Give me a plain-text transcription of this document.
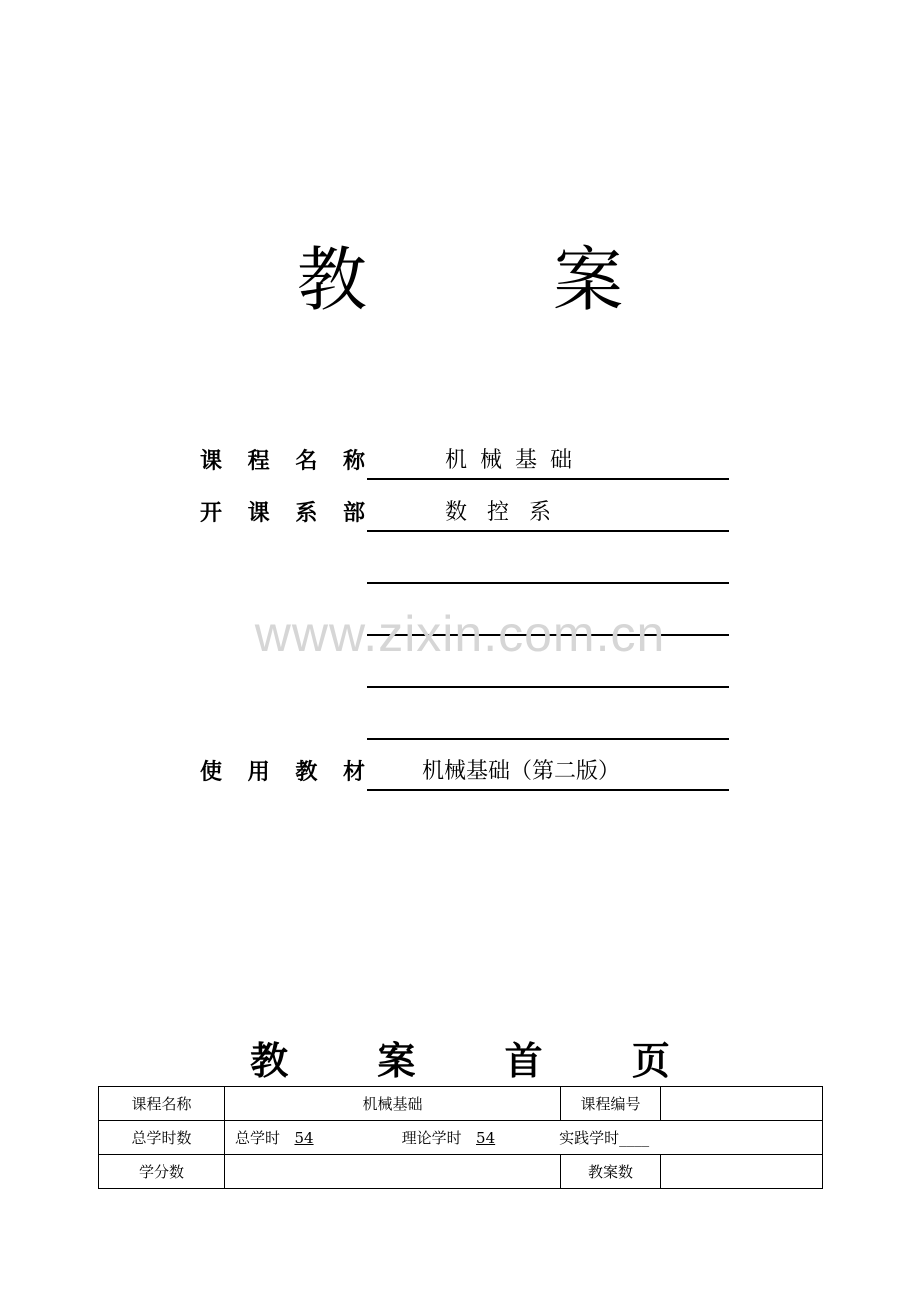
教 案
课 程 名 称	机 械 基 础
开 课 系 部	数  控  系
www.zixin.com.cn
使 用 教 材	机械基础（第二版）
教 案 首 页
课程名称	机械基础	课程编号	
总学时数	总学时 54 理论学时 54 实践学时____		
学分数		教案数	
